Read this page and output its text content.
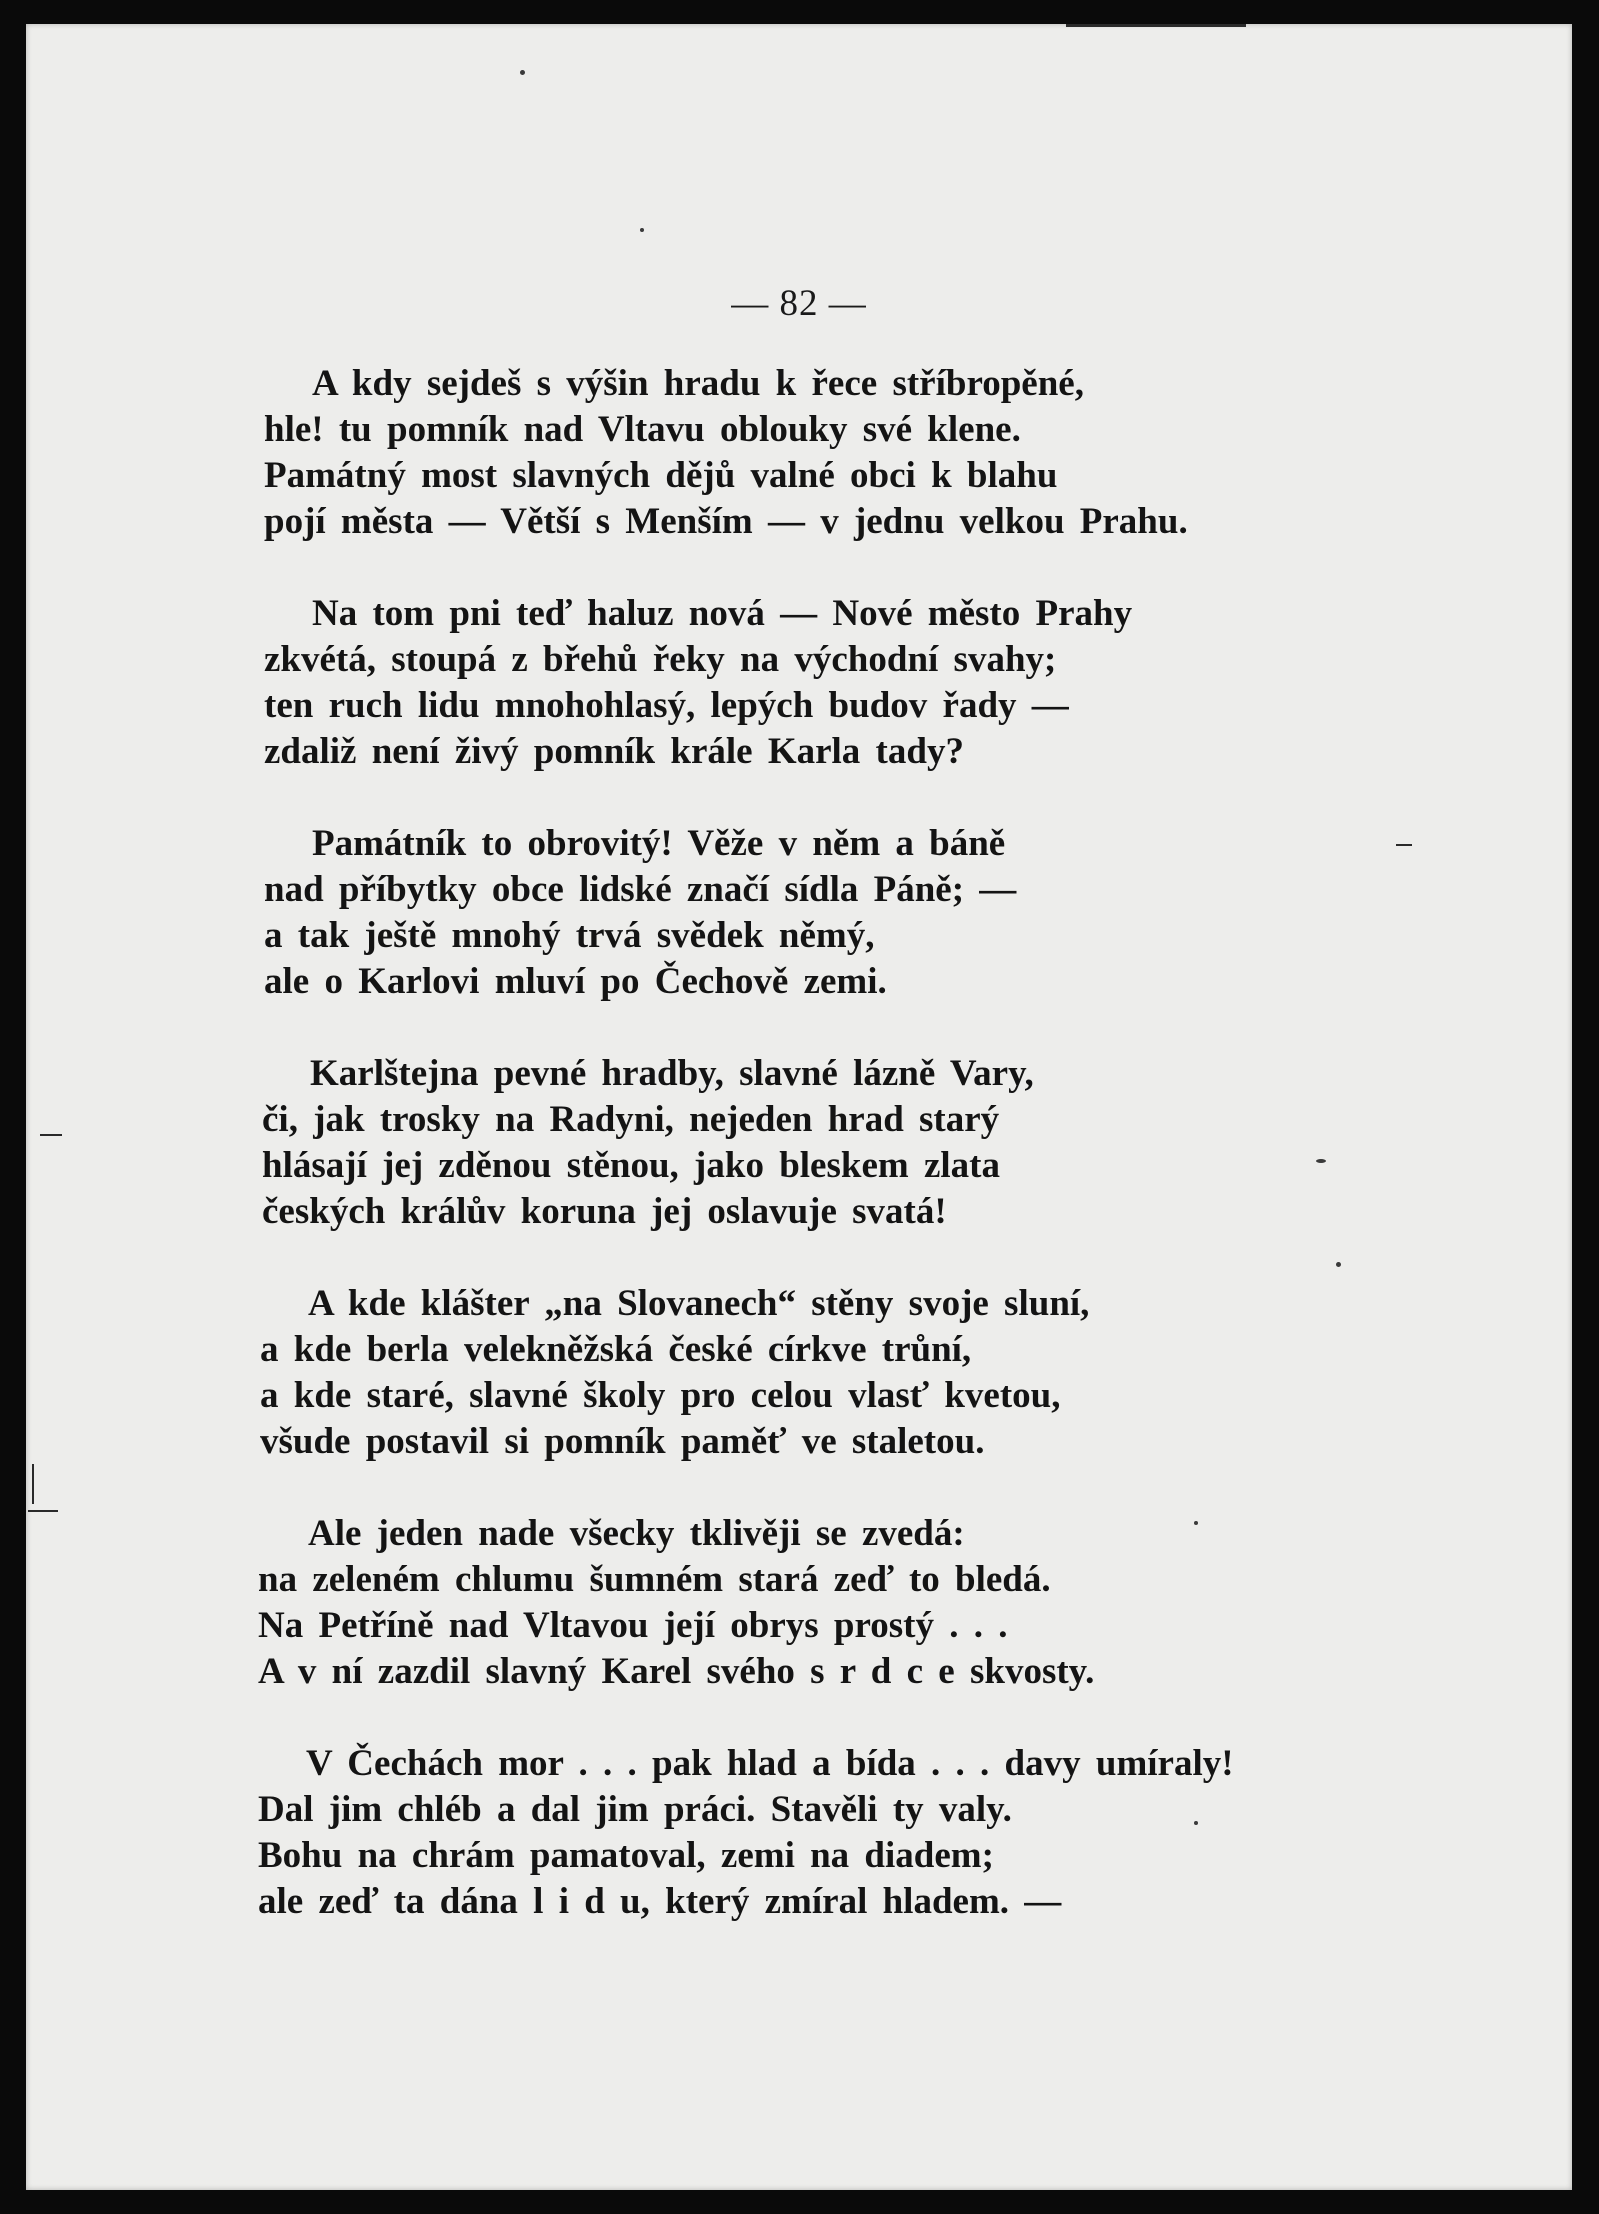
— 82 —
A kdy sejdeš s výšin hradu k řece stříbropěné,
hle! tu pomník nad Vltavu oblouky své klene.
Památný most slavných dějů valné obci k blahu
pojí města — Větší s Menším — v jednu velkou Prahu.
Na tom pni teď haluz nová — Nové město Prahy
zkvétá, stoupá z břehů řeky na východní svahy;
ten ruch lidu mnohohlasý, lepých budov řady —
zdaliž není živý pomník krále Karla tady?
Památník to obrovitý! Věže v něm a báně
nad příbytky obce lidské značí sídla Páně; —
a tak ještě mnohý trvá svědek němý,
ale o Karlovi mluví po Čechově zemi.
Karlštejna pevné hradby, slavné lázně Vary,
či, jak trosky na Radyni, nejeden hrad starý
hlásají jej zděnou stěnou, jako bleskem zlata
českých králův koruna jej oslavuje svatá!
A kde klášter „na Slovanech“ stěny svoje sluní,
a kde berla velekněžská české církve trůní,
a kde staré, slavné školy pro celou vlasť kvetou,
všude postavil si pomník paměť ve staletou.
Ale jeden nade všecky tklivěji se zvedá:
na zeleném chlumu šumném stará zeď to bledá.
Na Petříně nad Vltavou její obrys prostý . . .
A v ní zazdil slavný Karel svého s r d c e skvosty.
V Čechách mor . . . pak hlad a bída . . . davy umíraly!
Dal jim chléb a dal jim práci. Stavěli ty valy.
Bohu na chrám pamatoval, zemi na diadem;
ale zeď ta dána l i d u, který zmíral hladem. —
